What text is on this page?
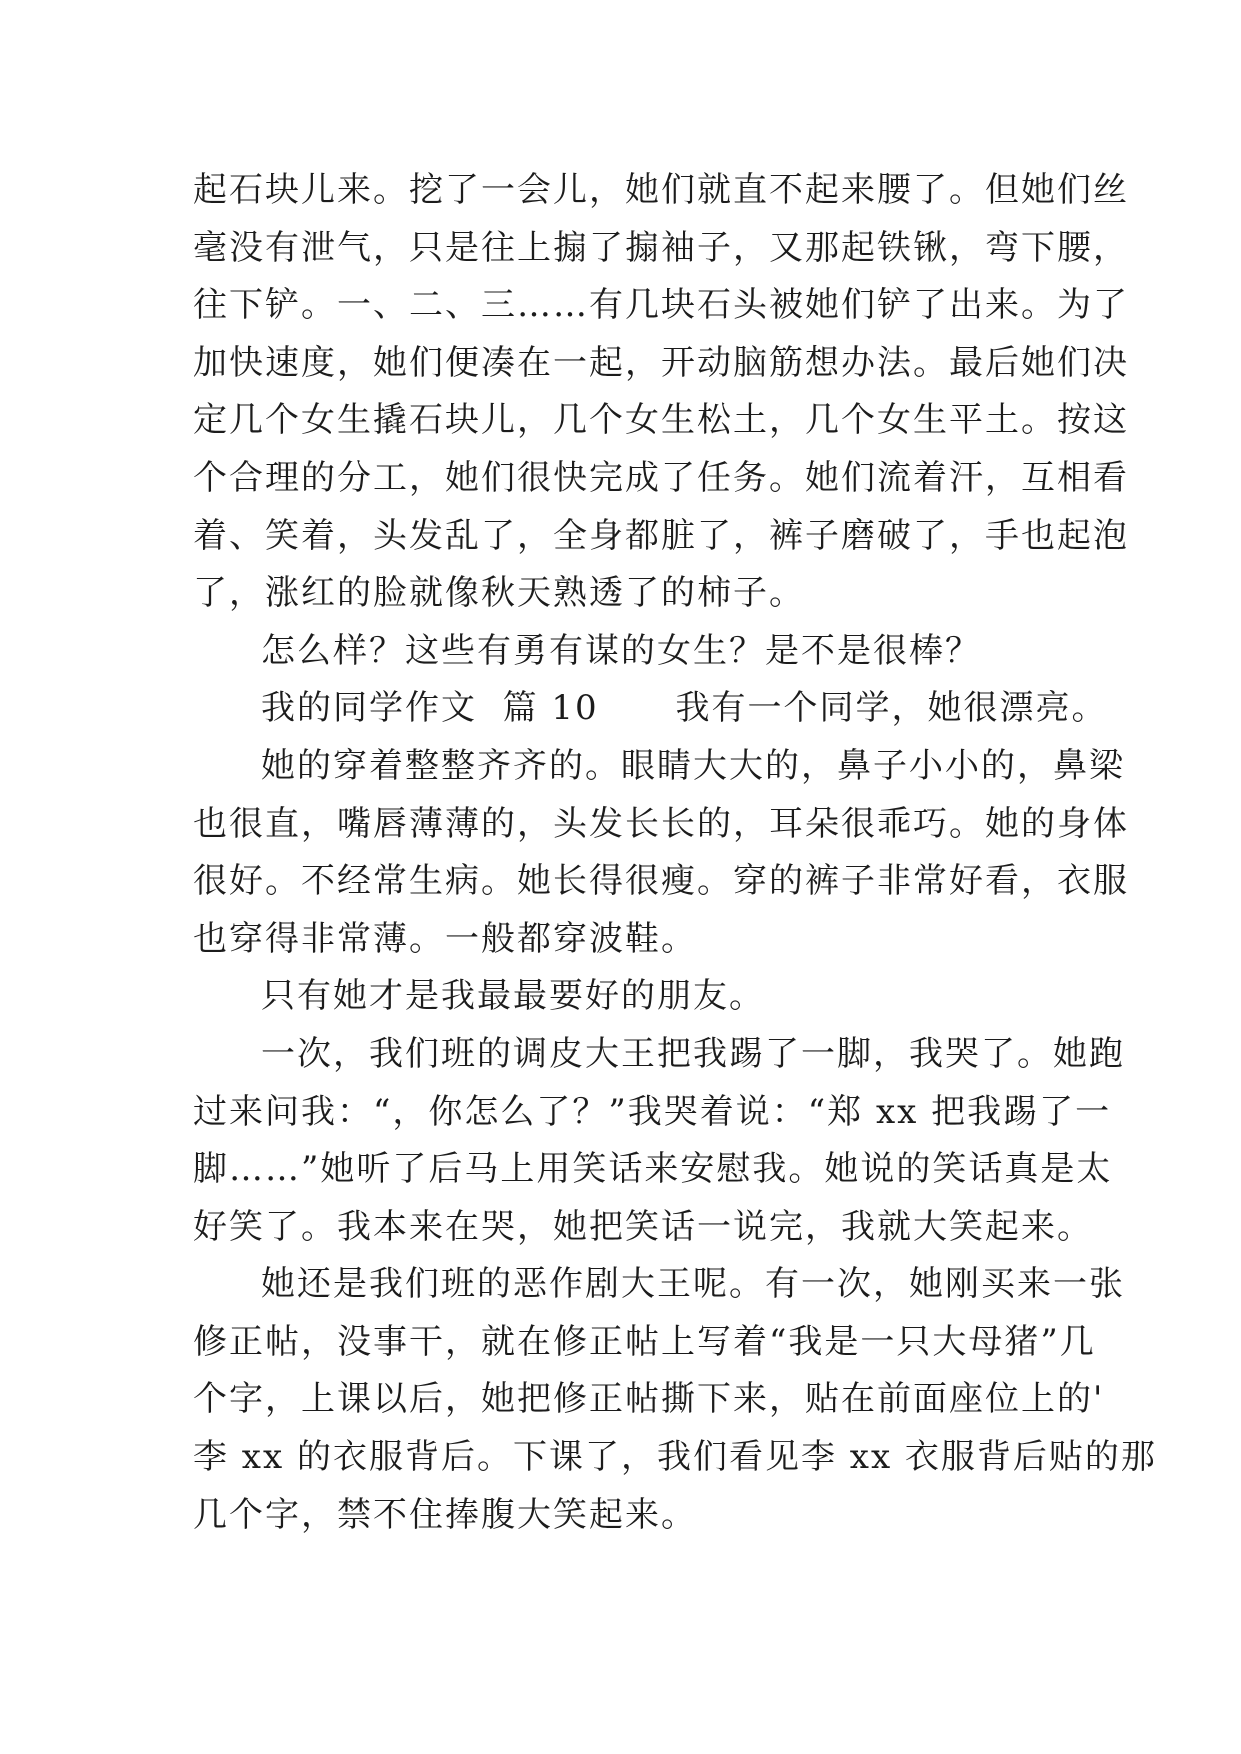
起石块儿来。挖了一会儿，她们就直不起来腰了。但她们丝
毫没有泄气，只是往上搧了搧袖子，又那起铁锹，弯下腰，
往下铲。一、二、三……有几块石头被她们铲了出来。为了
加快速度，她们便凑在一起，开动脑筋想办法。最后她们决
定几个女生撬石块儿，几个女生松土，几个女生平土。按这
个合理的分工，她们很快完成了任务。她们流着汗，互相看
着、笑着，头发乱了，全身都脏了，裤子磨破了，手也起泡
了，涨红的脸就像秋天熟透了的柿子。
怎么样？这些有勇有谋的女生？是不是很棒？
我的同学作文  篇 10      我有一个同学，她很漂亮。
她的穿着整整齐齐的。眼睛大大的，鼻子小小的，鼻梁
也很直，嘴唇薄薄的，头发长长的，耳朵很乖巧。她的身体
很好。不经常生病。她长得很瘦。穿的裤子非常好看，衣服
也穿得非常薄。一般都穿波鞋。
只有她才是我最最要好的朋友。
一次，我们班的调皮大王把我踢了一脚，我哭了。她跑
过来问我：“，你怎么了？”我哭着说：“郑 xx 把我踢了一
脚……”她听了后马上用笑话来安慰我。她说的笑话真是太
好笑了。我本来在哭，她把笑话一说完，我就大笑起来。
她还是我们班的恶作剧大王呢。有一次，她刚买来一张
修正帖，没事干，就在修正帖上写着“我是一只大母猪”几
个字，上课以后，她把修正帖撕下来，贴在前面座位上的'
李 xx 的衣服背后。下课了，我们看见李 xx 衣服背后贴的那
几个字，禁不住捧腹大笑起来。
